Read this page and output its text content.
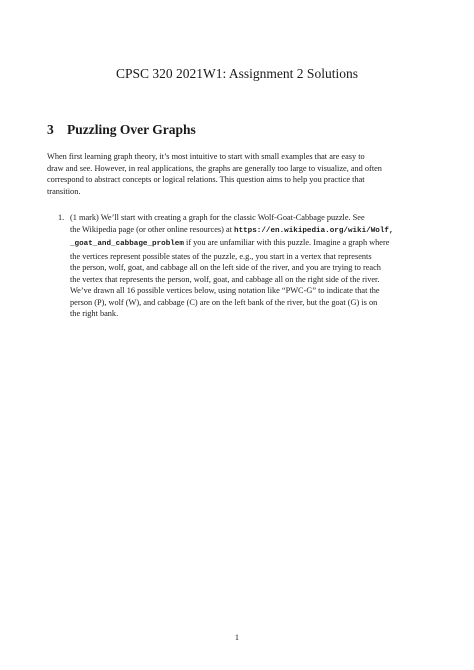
CPSC 320 2021W1: Assignment 2 Solutions
3 Puzzling Over Graphs
When first learning graph theory, it’s most intuitive to start with small examples that are easy to
draw and see. However, in real applications, the graphs are generally too large to visualize, and often
correspond to abstract concepts or logical relations. This question aims to help you practice that
transition.
1. (1 mark) We’ll start with creating a graph for the classic Wolf-Goat-Cabbage puzzle. See
the Wikipedia page (or other online resources) at https://en.wikipedia.org/wiki/Wolf,
_goat_and_cabbage_problem if you are unfamiliar with this puzzle. Imagine a graph where
the vertices represent possible states of the puzzle, e.g., you start in a vertex that represents
the person, wolf, goat, and cabbage all on the left side of the river, and you are trying to reach
the vertex that represents the person, wolf, goat, and cabbage all on the right side of the river.
We’ve drawn all 16 possible vertices below, using notation like “PWC-G” to indicate that the
person (P), wolf (W), and cabbage (C) are on the left bank of the river, but the goat (G) is on
the right bank.
1
